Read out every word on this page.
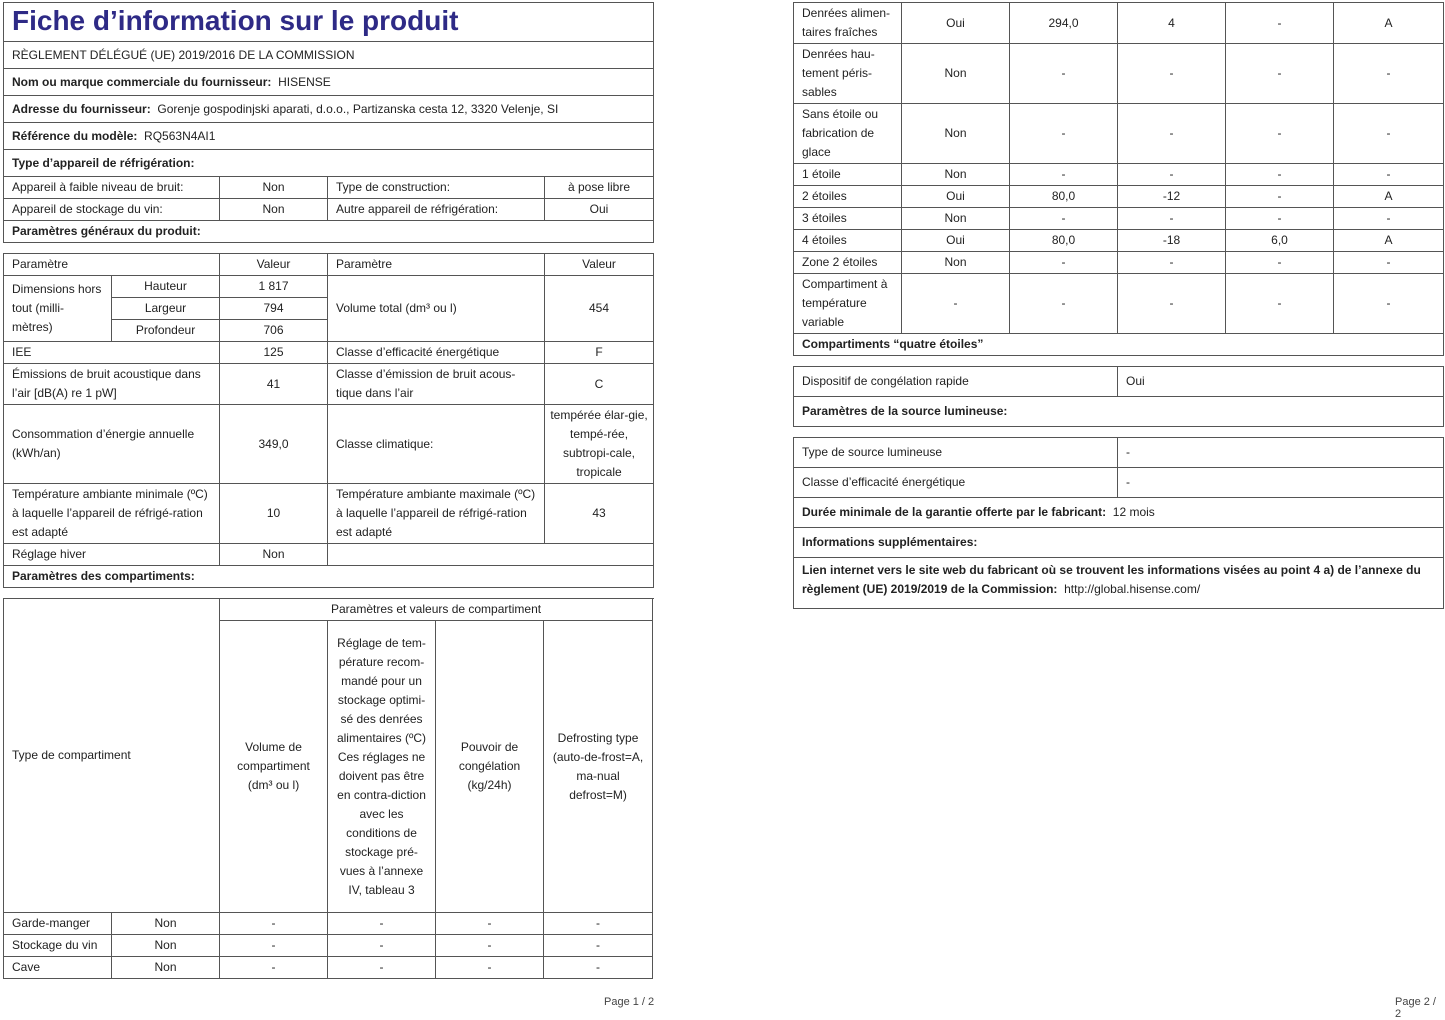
Fiche d’information sur le produit				
RÈGLEMENT DÉLÉGUÉ (UE) 2019/2016 DE LA COMMISSION				
Nom ou marque commerciale du fournisseur: HISENSE				
Adresse du fournisseur: Gorenje gospodinjski aparati, d.o.o., Partizanska cesta 12, 3320 Velenje, SI				
Référence du modèle: RQ563N4AI1				
Type d’appareil de réfrigération:				
Appareil à faible niveau de bruit:		Non	Type de construction:	à pose libre
Appareil de stockage du vin:		Non	Autre appareil de réfrigération:	Oui
Paramètres généraux du produit:				

Paramètre		Valeur	Paramètre	Valeur
Dimensions hors tout (milli-mètres)	Hauteur	1 817	Volume total (dm³ ou l)	454
	Largeur	794		
	Profondeur	706		
IEE		125	Classe d’efficacité énergétique	F
Émissions de bruit acoustique dans l’air [dB(A) re 1 pW]		41	Classe d’émission de bruit acous-tique dans l’air	C
Consommation d’énergie annuelle (kWh/an)		349,0	Classe climatique:	tempérée élar-gie, tempé-rée, subtropi-cale, tropicale
Température ambiante minimale (ºC) à laquelle l’appareil de réfrigé-ration est adapté		10	Température ambiante maximale (ºC) à laquelle l’appareil de réfrigé-ration est adapté	43
Réglage hiver		Non		
Paramètres des compartiments:				

Type de compartiment		Paramètres et valeurs de compartiment			
		Volume de compartiment (dm³ ou l)	Réglage de tem-pérature recom-mandé pour un stockage optimi-sé des denrées alimentaires (ºC) Ces réglages ne doivent pas être en contra-diction avec les conditions de stockage pré-vues à l’annexe IV, tableau 3	Pouvoir de congélation (kg/24h)	Defrosting type (auto-de-frost=A, ma-nual defrost=M)
Garde-manger	Non	-	-	-	-
Stockage du vin	Non	-	-	-	-
Cave	Non	-	-	-	-
Page 1 / 2
Denrées alimen-taires fraîches	Oui	294,0	4	-	A
Denrées hau-tement péris-sables	Non	-	-	-	-
Sans étoile ou fabrication de glace	Non	-	-	-	-
1 étoile	Non	-	-	-	-
2 étoiles	Oui	80,0	-12	-	A
3 étoiles	Non	-	-	-	-
4 étoiles	Oui	80,0	-18	6,0	A
Zone 2 étoiles	Non	-	-	-	-
Compartiment à température variable	-	-	-	-	-
Compartiments “quatre étoiles”					

Dispositif de congélation rapide			Oui		
Paramètres de la source lumineuse:					

Type de source lumineuse			-		
Classe d’efficacité énergétique			-		
Durée minimale de la garantie offerte par le fabricant: 12 mois					
Informations supplémentaires:					
Lien internet vers le site web du fabricant où se trouvent les informations visées au point 4 a) de l’annexe du règlement (UE) 2019/2019 de la Commission: http://global.hisense.com/					
Page 2 / 2
